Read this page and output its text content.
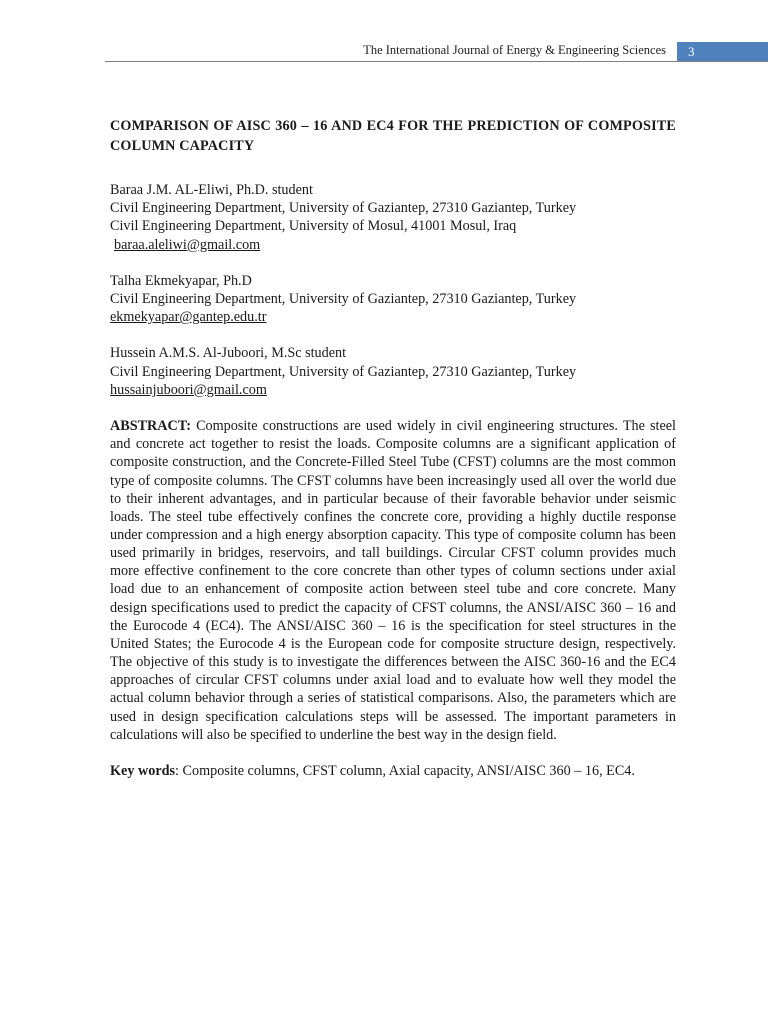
The International Journal of Energy & Engineering Sciences 3

COMPARISON OF AISC 360 – 16 AND EC4 FOR THE PREDICTION OF COMPOSITE COLUMN CAPACITY

Baraa J.M. AL-Eliwi, Ph.D. student
Civil Engineering Department, University of Gaziantep, 27310 Gaziantep, Turkey
Civil Engineering Department, University of Mosul, 41001 Mosul, Iraq
baraa.aleliwi@gmail.com
Talha Ekmekyapar, Ph.D
Civil Engineering Department, University of Gaziantep, 27310 Gaziantep, Turkey
ekmekyapar@gantep.edu.tr
Hussein A.M.S. Al-Juboori, M.Sc student
Civil Engineering Department, University of Gaziantep, 27310 Gaziantep, Turkey
hussainjuboori@gmail.com

ABSTRACT: Composite constructions are used widely in civil engineering structures. The steel and concrete act together to resist the loads. Composite columns are a significant application of composite construction, and the Concrete-Filled Steel Tube (CFST) columns are the most common type of composite columns. The CFST columns have been increasingly used all over the world due to their inherent advantages, and in particular because of their favorable behavior under seismic loads. The steel tube effectively confines the concrete core, providing a highly ductile response under compression and a high energy absorption capacity. This type of composite column has been used primarily in bridges, reservoirs, and tall buildings. Circular CFST column provides much more effective confinement to the core concrete than other types of column sections under axial load due to an enhancement of composite action between steel tube and core concrete. Many design specifications used to predict the capacity of CFST columns, the ANSI/AISC 360 – 16 and the Eurocode 4 (EC4). The ANSI/AISC 360 – 16 is the specification for steel structures in the United States; the Eurocode 4 is the European code for composite structure design, respectively. The objective of this study is to investigate the differences between the AISC 360-16 and the EC4 approaches of circular CFST columns under axial load and to evaluate how well they model the actual column behavior through a series of statistical comparisons. Also, the parameters which are used in design specification calculations steps will be assessed. The important parameters in calculations will also be specified to underline the best way in the design field.

Key words: Composite columns, CFST column, Axial capacity, ANSI/AISC 360 – 16, EC4.
